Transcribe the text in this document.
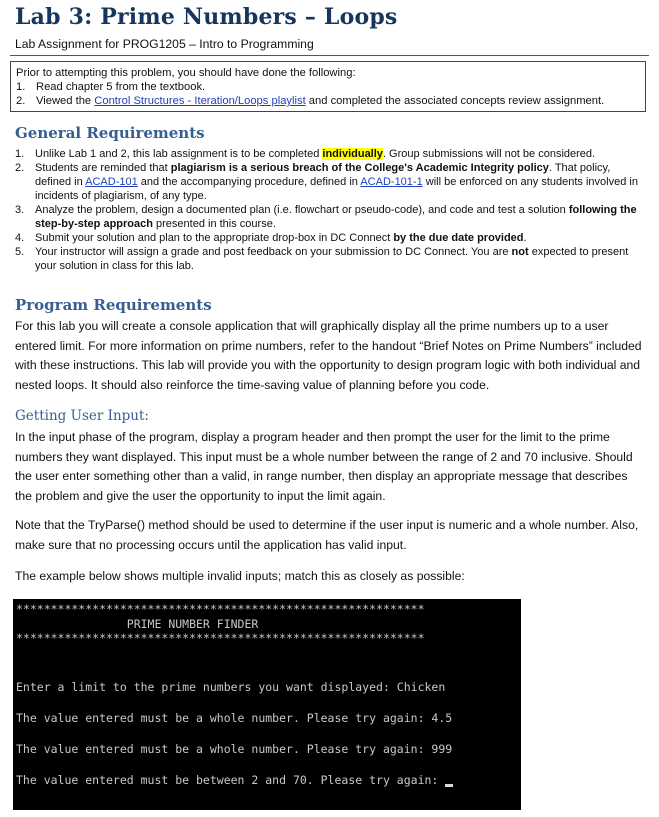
Lab 3: Prime Numbers – Loops
Lab Assignment for PROG1205 – Intro to Programming
Prior to attempting this problem, you should have done the following:
1. Read chapter 5 from the textbook.
2. Viewed the Control Structures - Iteration/Loops playlist and completed the associated concepts review assignment.
General Requirements
1. Unlike Lab 1 and 2, this lab assignment is to be completed individually. Group submissions will not be considered.
2. Students are reminded that plagiarism is a serious breach of the College's Academic Integrity policy. That policy, defined in ACAD-101 and the accompanying procedure, defined in ACAD-101-1 will be enforced on any students involved in incidents of plagiarism, of any type.
3. Analyze the problem, design a documented plan (i.e. flowchart or pseudo-code), and code and test a solution following the step-by-step approach presented in this course.
4. Submit your solution and plan to the appropriate drop-box in DC Connect by the due date provided.
5. Your instructor will assign a grade and post feedback on your submission to DC Connect. You are not expected to present your solution in class for this lab.
Program Requirements
For this lab you will create a console application that will graphically display all the prime numbers up to a user entered limit. For more information on prime numbers, refer to the handout “Brief Notes on Prime Numbers” included with these instructions. This lab will provide you with the opportunity to design program logic with both individual and nested loops. It should also reinforce the time-saving value of planning before you code.
Getting User Input:
In the input phase of the program, display a program header and then prompt the user for the limit to the prime numbers they want displayed. This input must be a whole number between the range of 2 and 70 inclusive. Should the user enter something other than a valid, in range number, then display an appropriate message that describes the problem and give the user the opportunity to input the limit again.
Note that the TryParse() method should be used to determine if the user input is numeric and a whole number. Also, make sure that no processing occurs until the application has valid input.
The example below shows multiple invalid inputs; match this as closely as possible:
***********************************************************
PRIME NUMBER FINDER
***********************************************************
Enter a limit to the prime numbers you want displayed: Chicken
The value entered must be a whole number. Please try again: 4.5
The value entered must be a whole number. Please try again: 999
The value entered must be between 2 and 70. Please try again:
